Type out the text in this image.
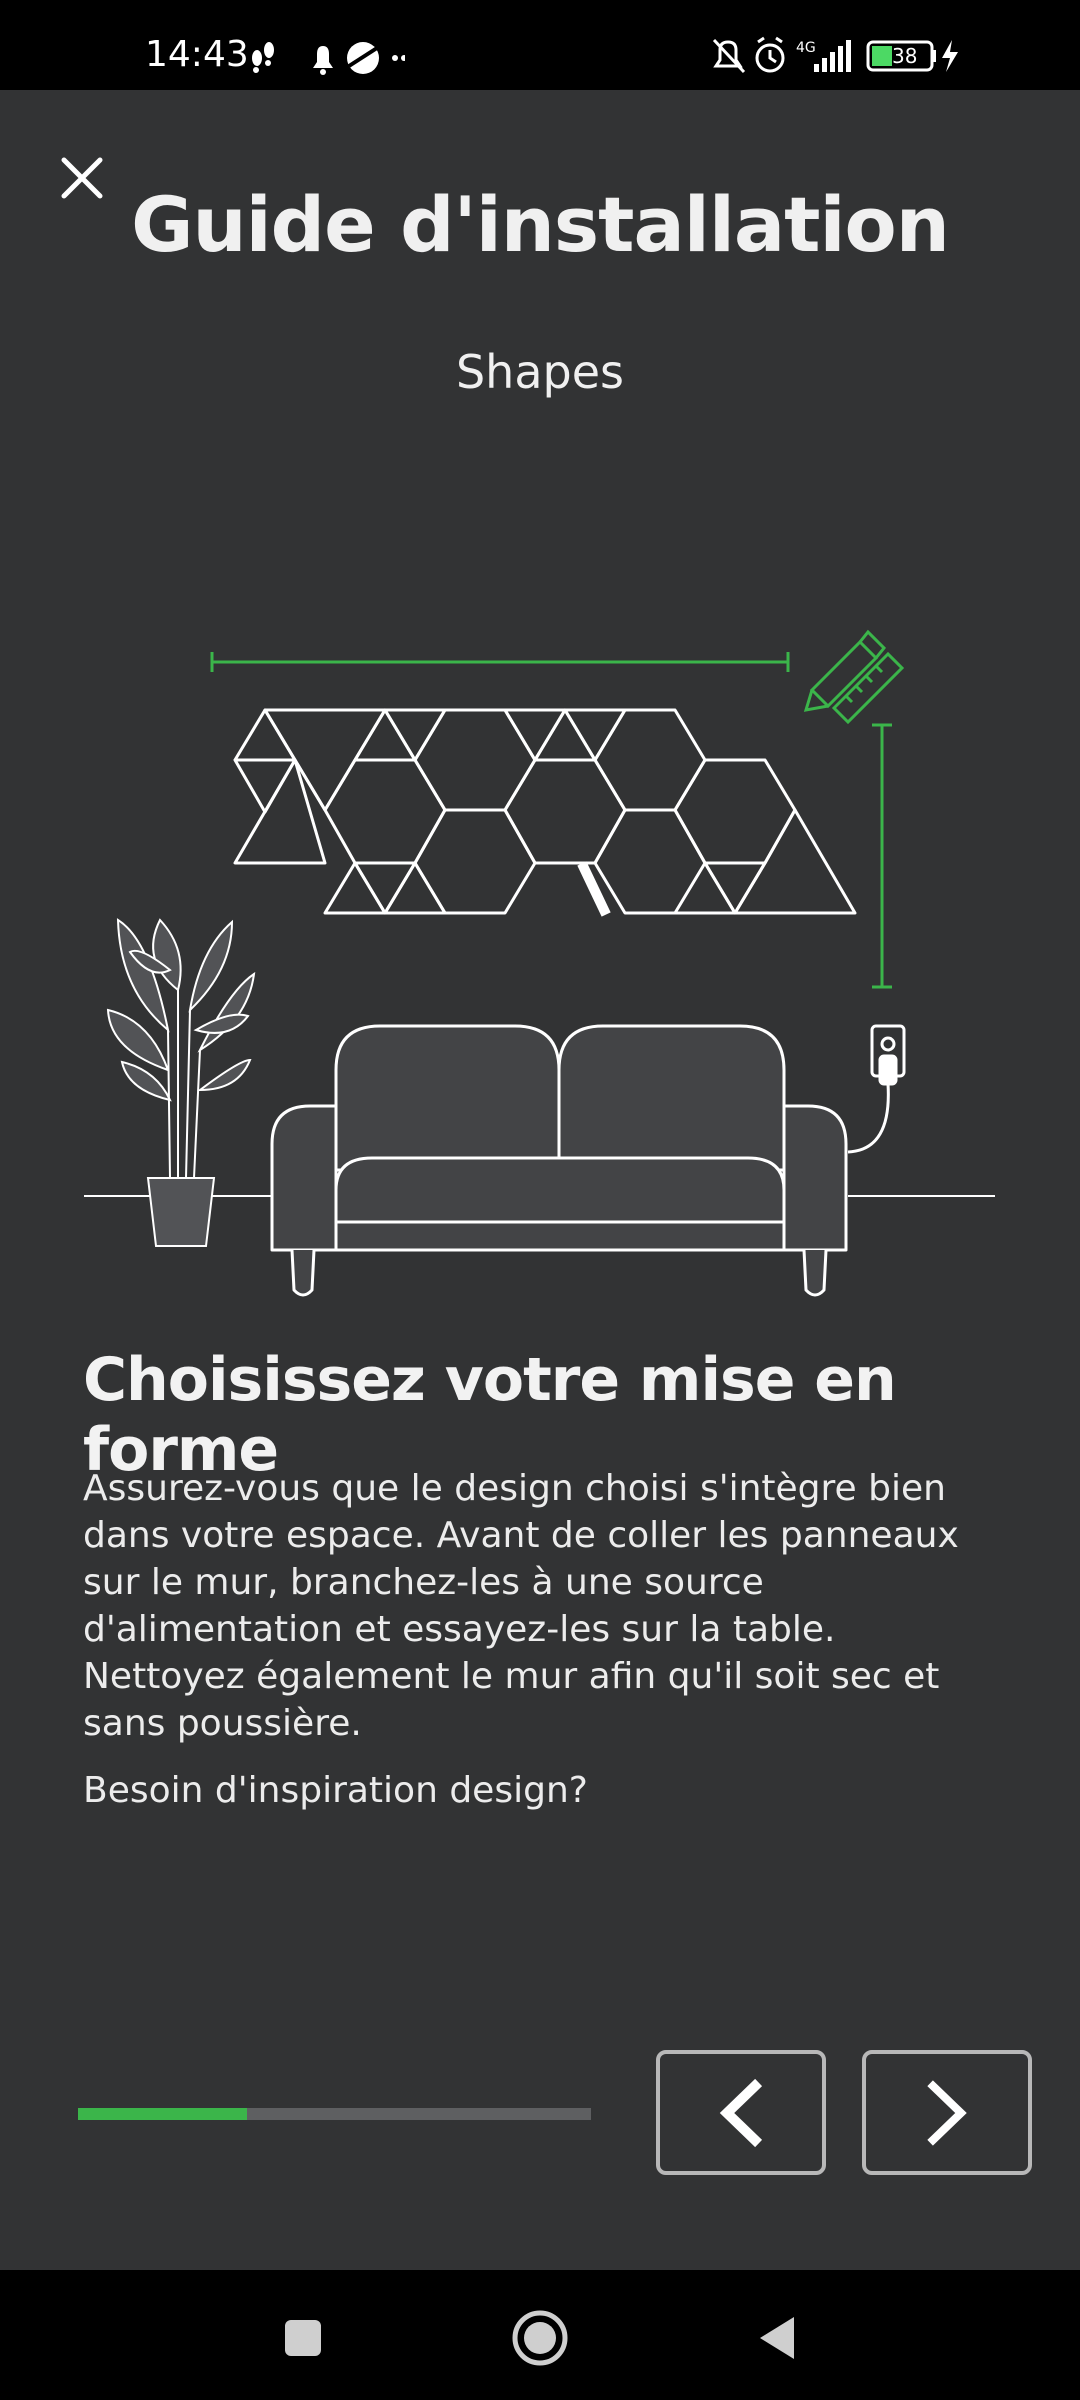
14:43	4G	38
Guide d'installation
Shapes
Choisissez votre mise en forme
Assurez-vous que le design choisi s'intègre bien dans votre espace. Avant de coller les panneaux sur le mur, branchez-les à une source d'alimentation et essayez-les sur la table. Nettoyez également le mur afin qu'il soit sec et sans poussière.
Besoin d'inspiration design?
